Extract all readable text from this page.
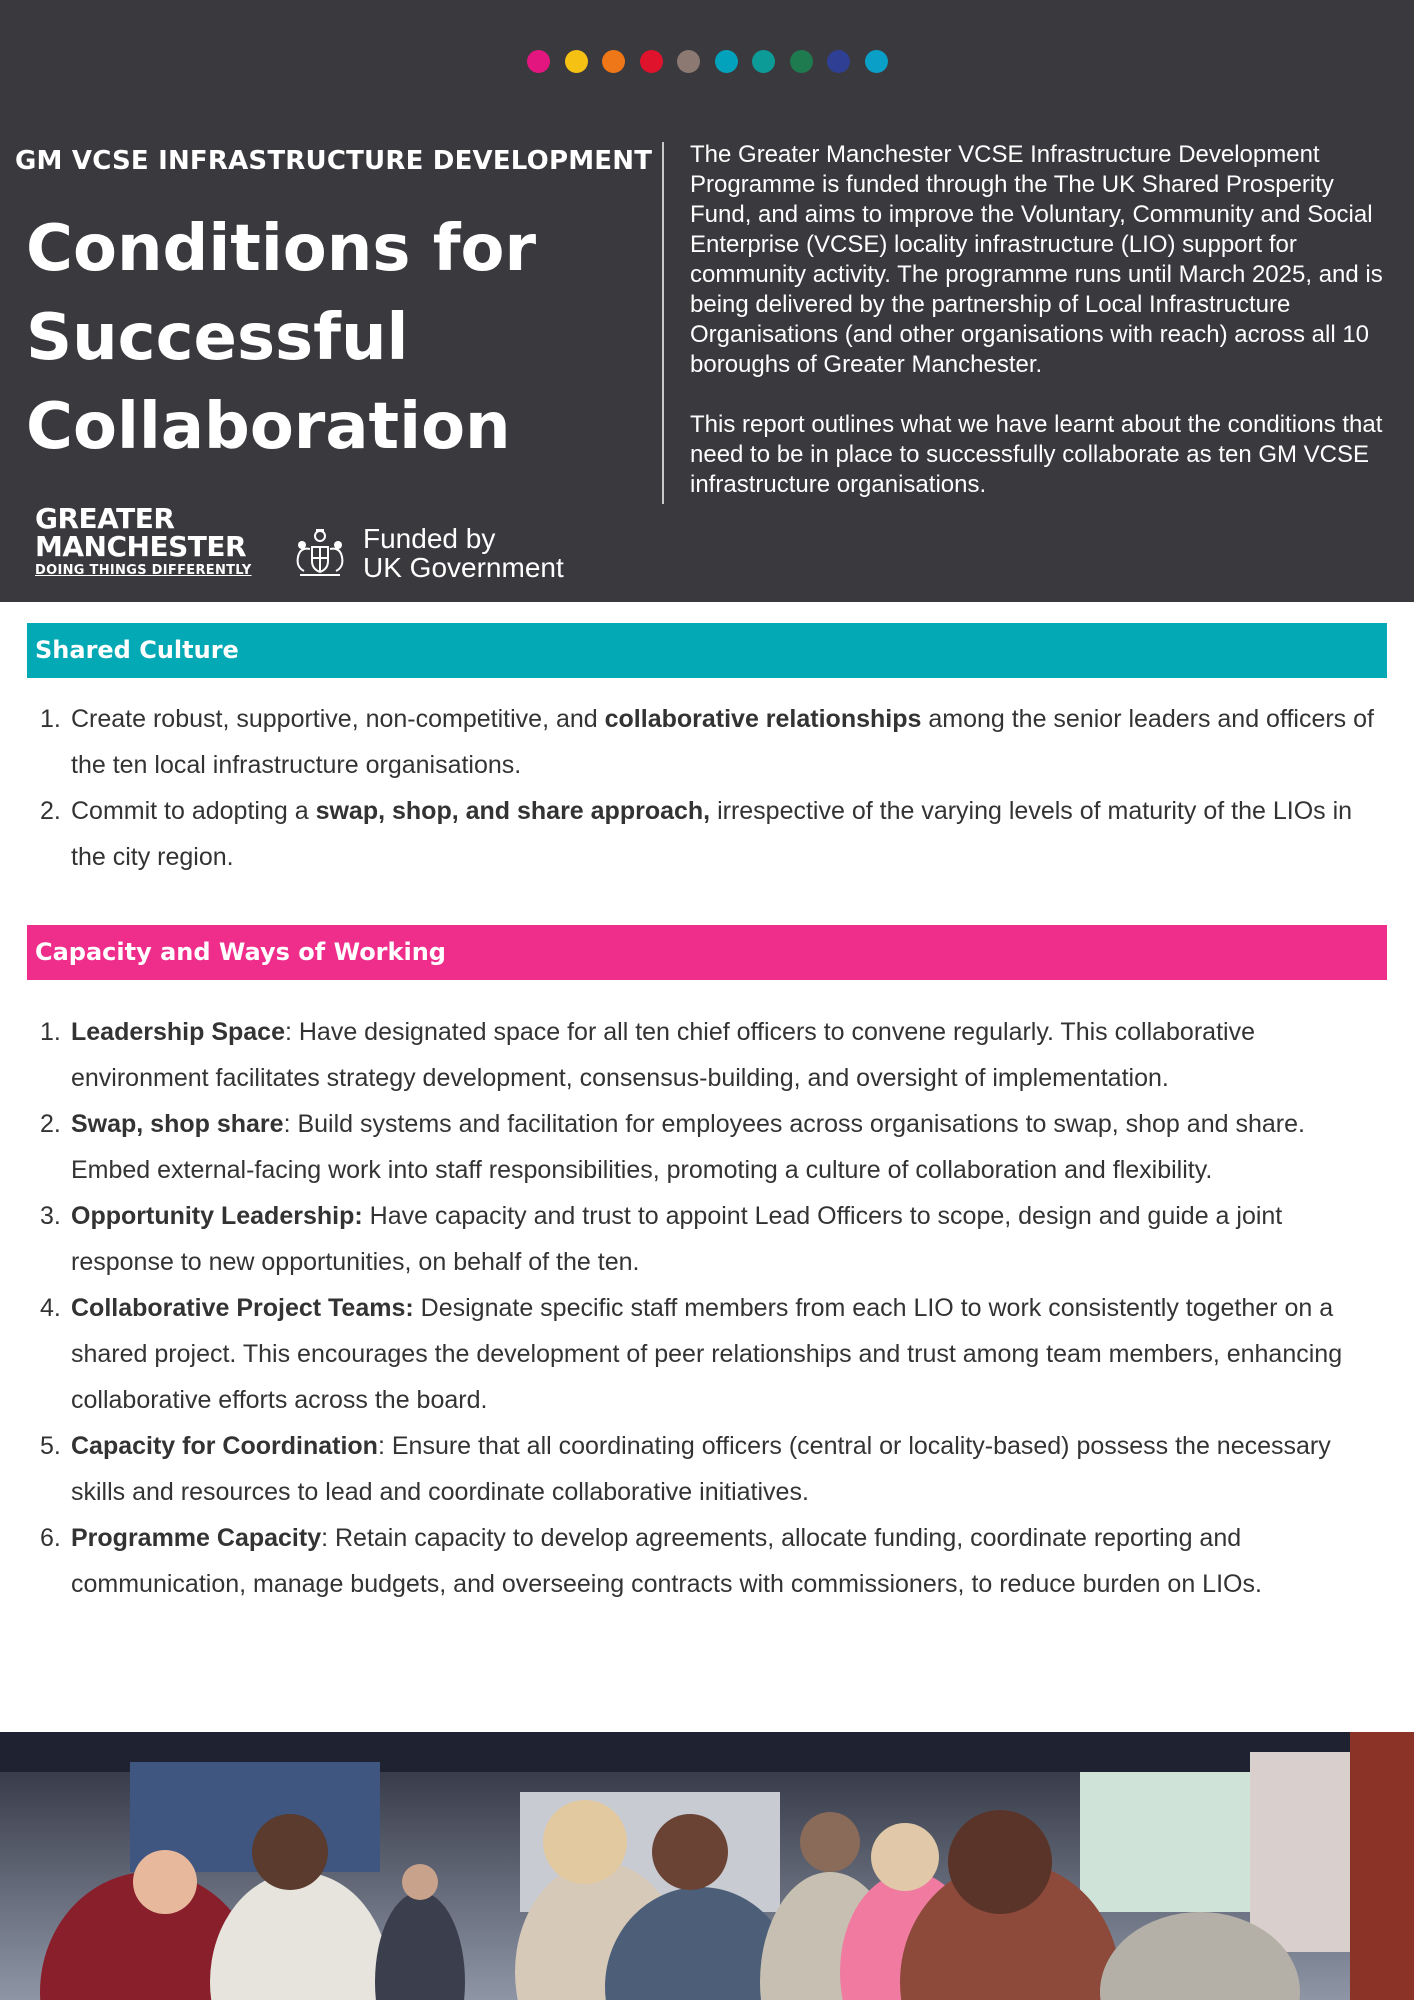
GM VCSE INFRASTRUCTURE DEVELOPMENT
Conditions for
Successful
Collaboration

The Greater Manchester VCSE Infrastructure Development Programme is funded through the The UK Shared Prosperity Fund, and aims to improve the Voluntary, Community and Social Enterprise (VCSE) locality infrastructure (LIO) support for community activity. The programme runs until March 2025, and is being delivered by the partnership of Local Infrastructure Organisations (and other organisations with reach) across all 10 boroughs of Greater Manchester.

This report outlines what we have learnt about the conditions that need to be in place to successfully collaborate as ten GM VCSE infrastructure organisations.

GREATER
MANCHESTER
DOING THINGS DIFFERENTLY
Funded by
UK Government
Shared Culture
1. Create robust, supportive, non-competitive, and collaborative relationships among the senior leaders and officers of the ten local infrastructure organisations.
2. Commit to adopting a swap, shop, and share approach, irrespective of the varying levels of maturity of the LIOs in the city region.
Capacity and Ways of Working
1. Leadership Space: Have designated space for all ten chief officers to convene regularly. This collaborative environment facilitates strategy development, consensus-building, and oversight of implementation.
2. Swap, shop share: Build systems and facilitation for employees across organisations to swap, shop and share. Embed external-facing work into staff responsibilities, promoting a culture of collaboration and flexibility.
3. Opportunity Leadership: Have capacity and trust to appoint Lead Officers to scope, design and guide a joint response to new opportunities, on behalf of the ten.
4. Collaborative Project Teams: Designate specific staff members from each LIO to work consistently together on a shared project. This encourages the development of peer relationships and trust among team members, enhancing collaborative efforts across the board.
5. Capacity for Coordination: Ensure that all coordinating officers (central or locality-based) possess the necessary skills and resources to lead and coordinate collaborative initiatives.
6. Programme Capacity: Retain capacity to develop agreements, allocate funding, coordinate reporting and communication, manage budgets, and overseeing contracts with commissioners, to reduce burden on LIOs.
